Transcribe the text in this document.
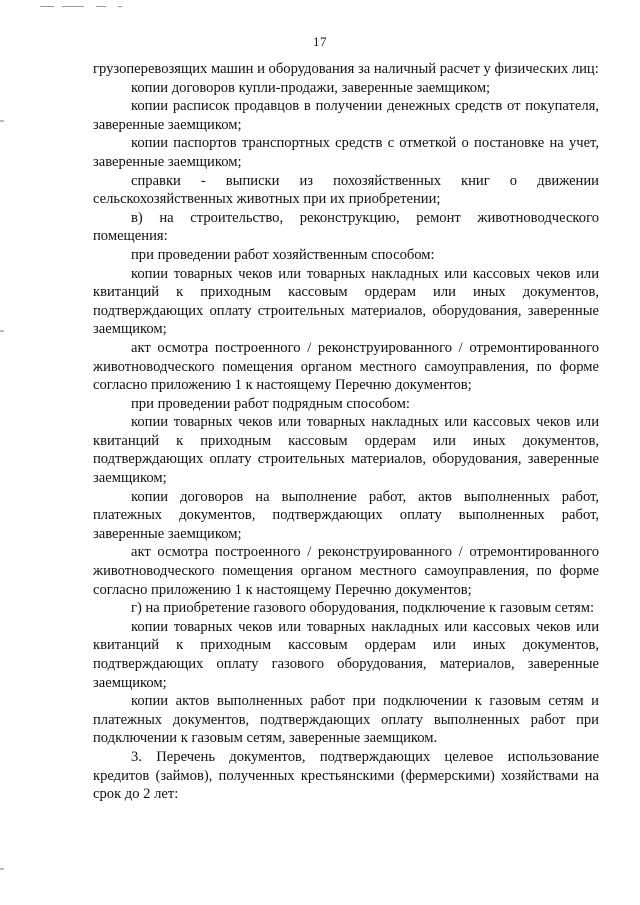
17

грузоперевозящих машин и оборудования за наличный расчет у физических лиц:

копии договоров купли-продажи, заверенные заемщиком;

копии расписок продавцов в получении денежных средств от покупателя, заверенные заемщиком;

копии паспортов транспортных средств с отметкой о постановке на учет, заверенные заемщиком;

справки - выписки из похозяйственных книг о движении сельскохозяйственных животных при их приобретении;

в) на строительство, реконструкцию, ремонт животноводческого помещения:

при проведении работ хозяйственным способом:

копии товарных чеков или товарных накладных или кассовых чеков или квитанций к приходным кассовым ордерам или иных документов, подтверждающих оплату строительных материалов, оборудования, заверенные заемщиком;

акт осмотра построенного / реконструированного / отремонтированного животноводческого помещения органом местного самоуправления, по форме согласно приложению 1 к настоящему Перечню документов;

при проведении работ подрядным способом:

копии товарных чеков или товарных накладных или кассовых чеков или квитанций к приходным кассовым ордерам или иных документов, подтверждающих оплату строительных материалов, оборудования, заверенные заемщиком;

копии договоров на выполнение работ, актов выполненных работ, платежных документов, подтверждающих оплату выполненных работ, заверенные заемщиком;

акт осмотра построенного / реконструированного / отремонтированного животноводческого помещения органом местного самоуправления, по форме согласно приложению 1 к настоящему Перечню документов;

г) на приобретение газового оборудования, подключение к газовым сетям:

копии товарных чеков или товарных накладных или кассовых чеков или квитанций к приходным кассовым ордерам или иных документов, подтверждающих оплату газового оборудования, материалов, заверенные заемщиком;

копии актов выполненных работ при подключении к газовым сетям и платежных документов, подтверждающих оплату выполненных работ при подключении к газовым сетям, заверенные заемщиком.

3. Перечень документов, подтверждающих целевое использование кредитов (займов), полученных крестьянскими (фермерскими) хозяйствами на срок до 2 лет:
